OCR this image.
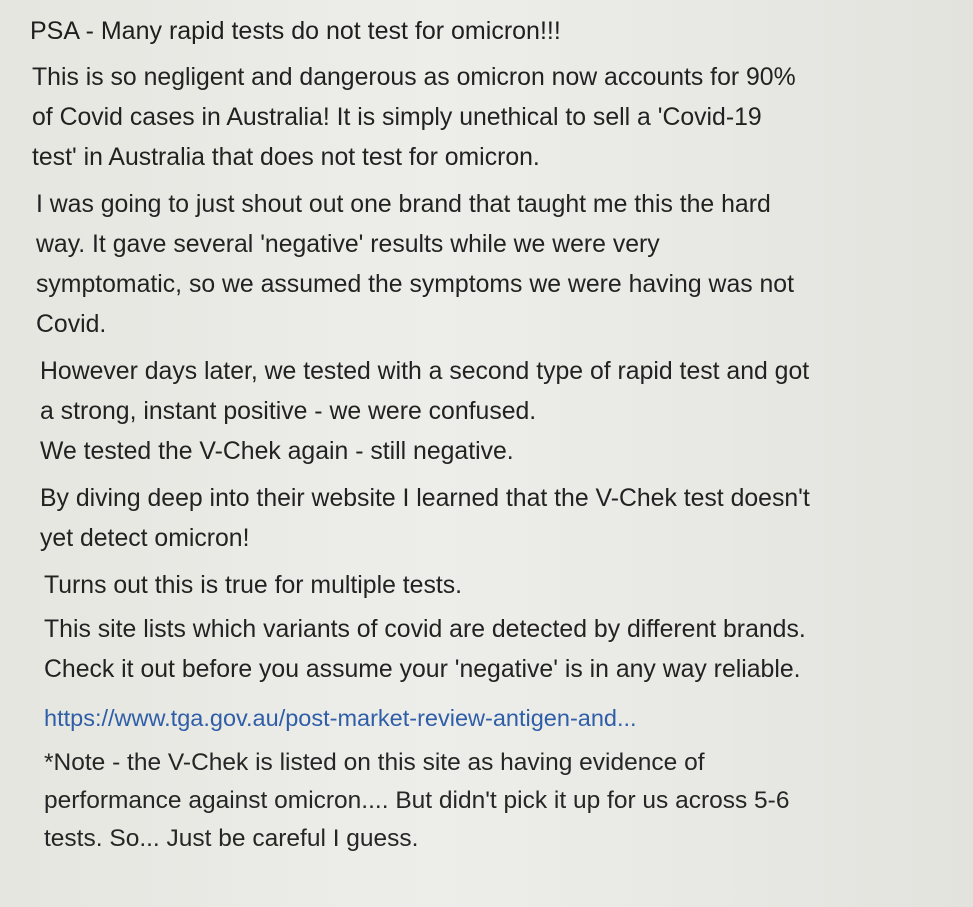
PSA - Many rapid tests do not test for omicron!!!
This is so negligent and dangerous as omicron now accounts for 90%
of Covid cases in Australia! It is simply unethical to sell a 'Covid-19
test' in Australia that does not test for omicron.
I was going to just shout out one brand that taught me this the hard
way. It gave several 'negative' results while we were very
symptomatic, so we assumed the symptoms we were having was not
Covid.
However days later, we tested with a second type of rapid test and got
a strong, instant positive - we were confused.
We tested the V-Chek again - still negative.
By diving deep into their website I learned that the V-Chek test doesn't
yet detect omicron!
Turns out this is true for multiple tests.
This site lists which variants of covid are detected by different brands.
Check it out before you assume your 'negative' is in any way reliable.
https://www.tga.gov.au/post-market-review-antigen-and...
*Note - the V-Chek is listed on this site as having evidence of
performance against omicron.... But didn't pick it up for us across 5-6
tests. So... Just be careful I guess.
